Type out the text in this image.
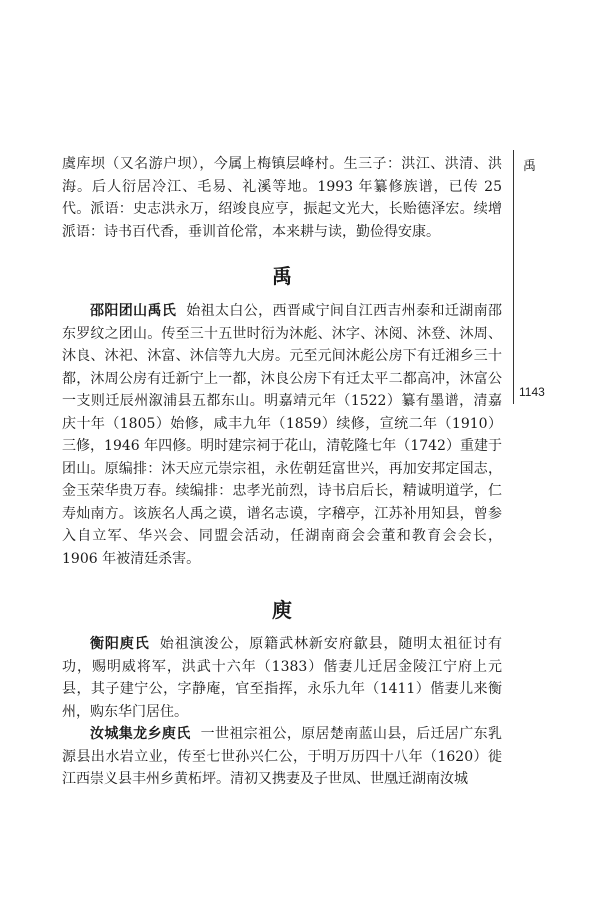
禹
1143

虞库坝（又名游户坝），今属上梅镇层峰村。生三子：洪江、洪清、洪海。后人衍居冷江、毛易、礼溪等地。1993 年纂修族谱，已传 25 代。派语：史志洪永万，绍竣良应亨，振起文光大，长贻德泽宏。续增派语：诗书百代香，垂训首伦常，本来耕与读，勤俭得安康。

禹

邵阳团山禹氏 始祖太白公，西晋咸宁间自江西吉州泰和迁湖南邵东罗纹之团山。传至三十五世时衍为沐彪、沐字、沐阅、沐登、沐周、沐良、沐祀、沐富、沐信等九大房。元至元间沐彪公房下有迁湘乡三十都，沐周公房有迁新宁上一都，沐良公房下有迁太平二都高冲，沐富公一支则迁辰州溆浦县五都东山。明嘉靖元年（1522）纂有墨谱，清嘉庆十年（1805）始修，咸丰九年（1859）续修，宣统二年（1910）三修，1946 年四修。明时建宗祠于花山，清乾隆七年（1742）重建于团山。原编排：沐天应元崇宗祖，永佐朝廷富世兴，再加安邦定国志，金玉荣华贵万春。续编排：忠孝光前烈，诗书启后长，精诚明道学，仁寿灿南方。该族名人禹之谟，谱名志谟，字稽亭，江苏补用知县，曾参入自立军、华兴会、同盟会活动，任湖南商会会董和教育会会长，1906 年被清廷杀害。

庾

衡阳庾氏 始祖演浚公，原籍武林新安府歙县，随明太祖征讨有功，赐明威将军，洪武十六年（1383）偕妻儿迁居金陵江宁府上元县，其子建宁公，字静庵，官至指挥，永乐九年（1411）偕妻儿来衡州，购东华门居住。

汝城集龙乡庾氏 一世祖宗祖公，原居楚南蓝山县，后迁居广东乳源县出水岩立业，传至七世孙兴仁公，于明万历四十八年（1620）徙江西崇义县丰州乡黄柘坪。清初又携妻及子世凤、世凰迁湖南汝城
